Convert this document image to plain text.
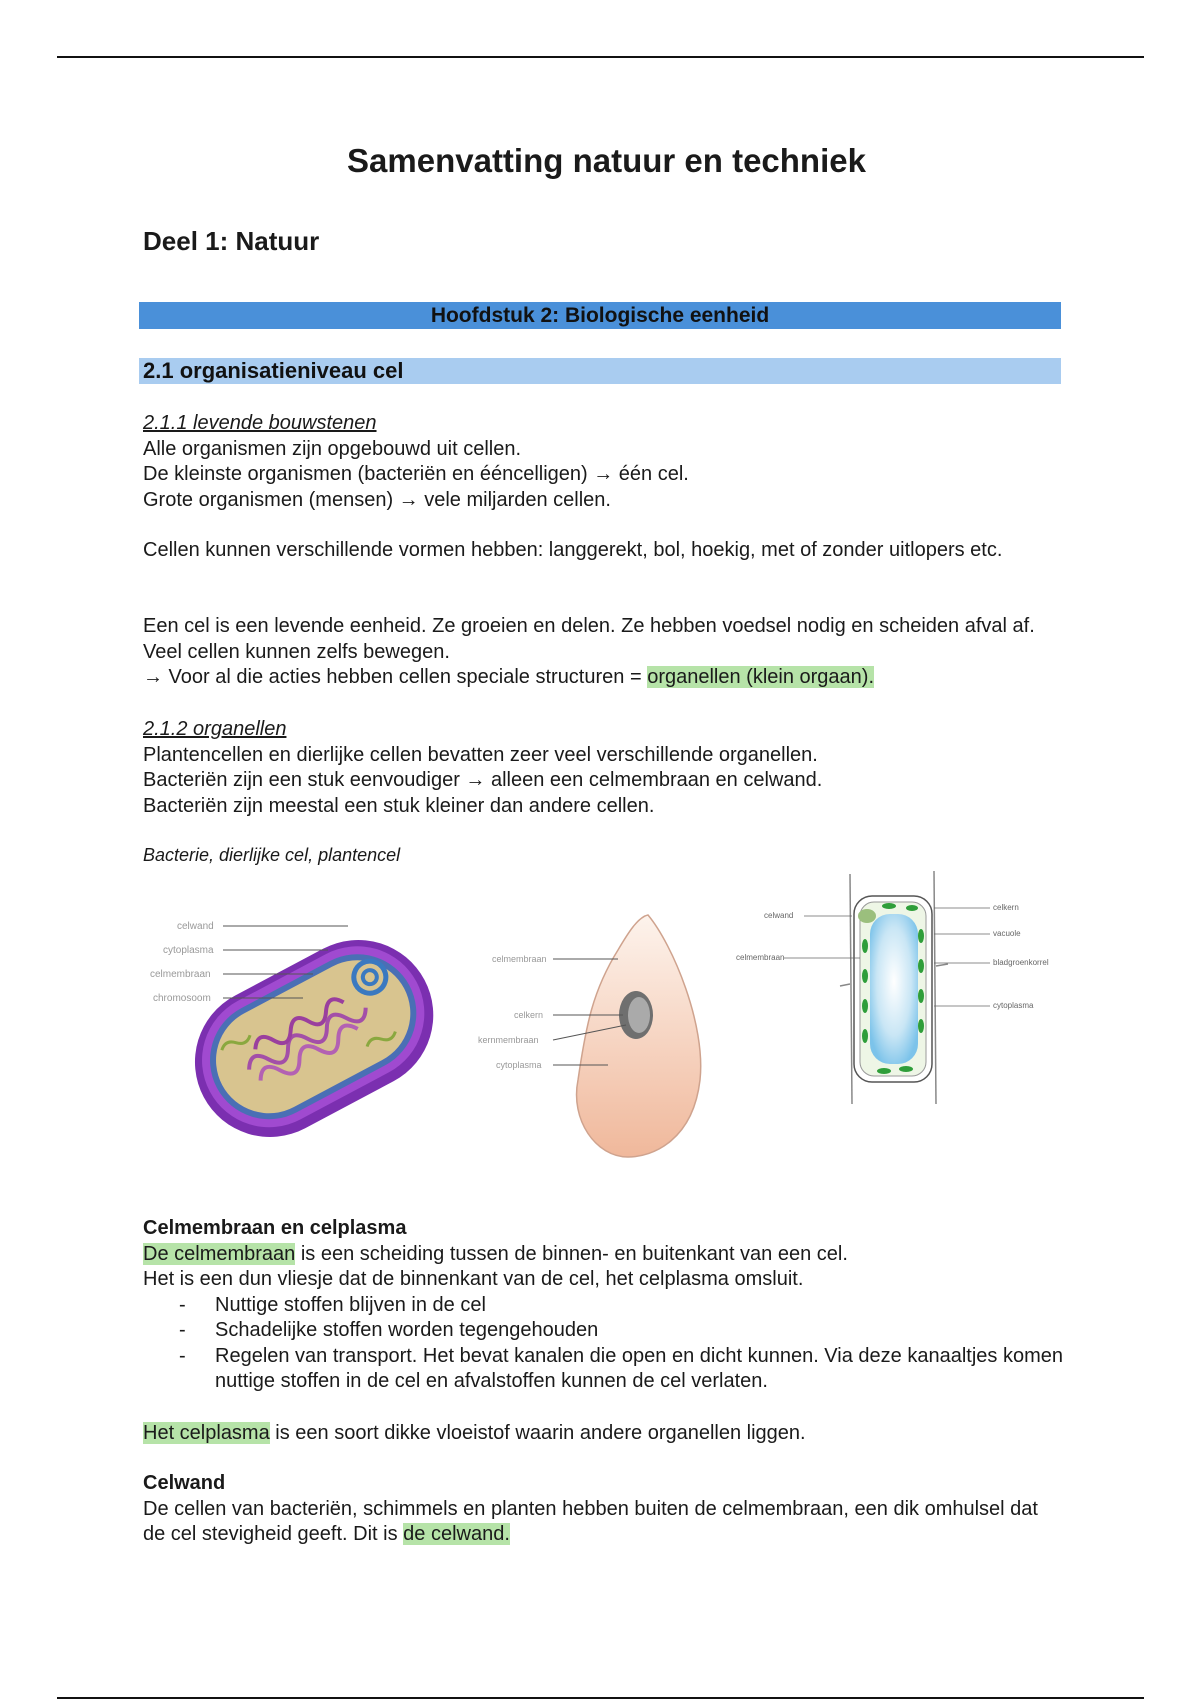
Samenvatting natuur en techniek
Deel 1: Natuur
Hoofdstuk 2: Biologische eenheid
2.1 organisatieniveau cel

2.1.1 levende bouwstenen

Alle organismen zijn opgebouwd uit cellen.

De kleinste organismen (bacteriën en ééncelligen) → één cel.

Grote organismen (mensen) → vele miljarden cellen.

Cellen kunnen verschillende vormen hebben: langgerekt, bol, hoekig, met of zonder uitlopers etc.

Een cel is een levende eenheid. Ze groeien en delen. Ze hebben voedsel nodig en scheiden afval af. Veel cellen kunnen zelfs bewegen.

→ Voor al die acties hebben cellen speciale structuren = organellen (klein orgaan).

2.1.2 organellen

Plantencellen en dierlijke cellen bevatten zeer veel verschillende organellen.

Bacteriën zijn een stuk eenvoudiger → alleen een celmembraan en celwand.

Bacteriën zijn meestal een stuk kleiner dan andere cellen.

Bacterie, dierlijke cel, plantencel
celwand
cytoplasma
celmembraan
chromosoom
celmembraan
celkern
kernmembraan
cytoplasma
celwand
celmembraan
celkern
vacuole
bladgroenkorrel
cytoplasma

Celmembraan en celplasma

De celmembraan is een scheiding tussen de binnen- en buitenkant van een cel.

Het is een dun vliesje dat de binnenkant van de cel, het celplasma omsluit.

- Nuttige stoffen blijven in de cel
- Schadelijke stoffen worden tegengehouden
- Regelen van transport. Het bevat kanalen die open en dicht kunnen. Via deze kanaaltjes komen nuttige stoffen in de cel en afvalstoffen kunnen de cel verlaten.

Het celplasma is een soort dikke vloeistof waarin andere organellen liggen.

Celwand

De cellen van bacteriën, schimmels en planten hebben buiten de celmembraan, een dik omhulsel dat de cel stevigheid geeft. Dit is de celwand.
